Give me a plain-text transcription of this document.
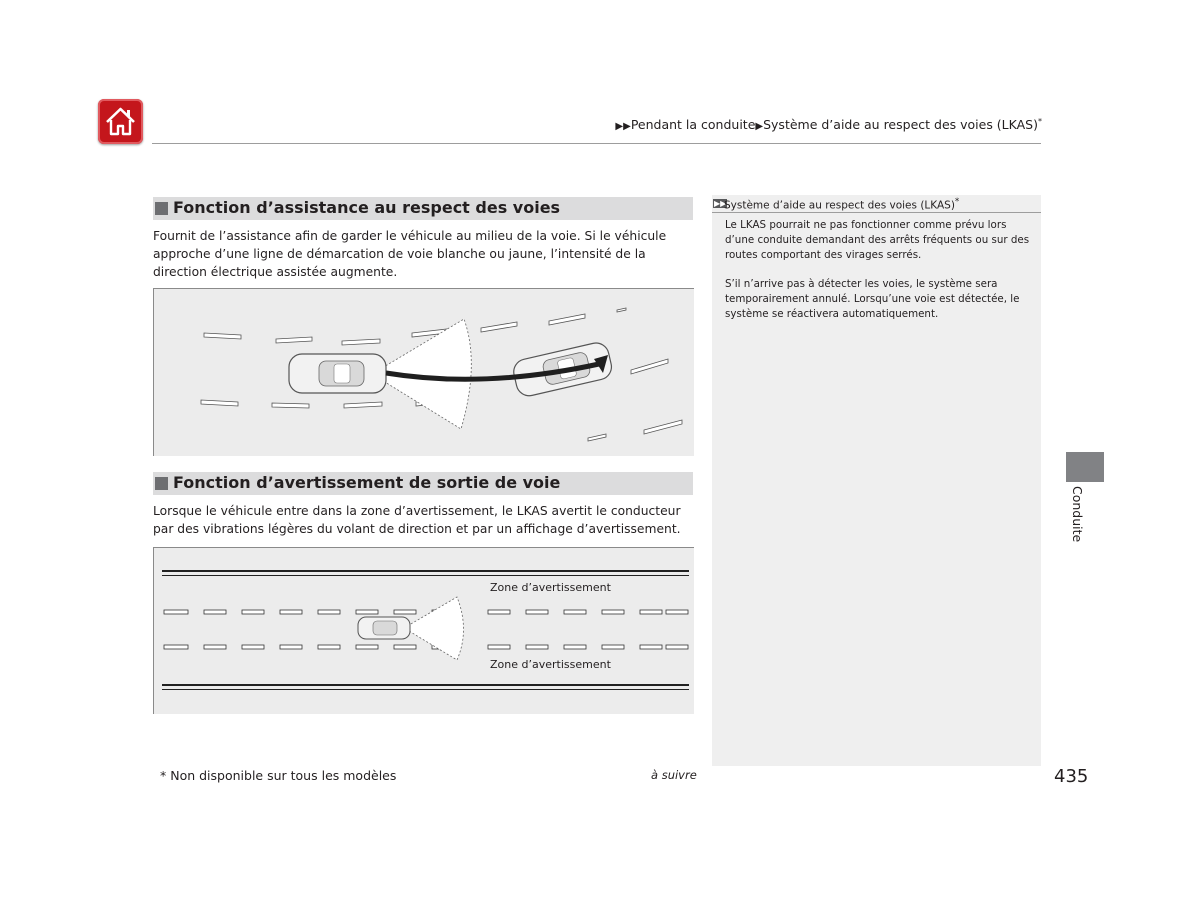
▶▶Pendant la conduite▶Système d’aide au respect des voies (LKAS)*
Fonction d’assistance au respect des voies
Fournit de l’assistance afin de garder le véhicule au milieu de la voie. Si le véhicule approche d’une ligne de démarcation de voie blanche ou jaune, l’intensité de la direction électrique assistée augmente.
Fonction d’avertissement de sortie de voie
Lorsque le véhicule entre dans la zone d’avertissement, le LKAS avertit le conducteur par des vibrations légères du volant de direction et par un affichage d’avertissement.
Zone d’avertissement
Zone d’avertissement
▶▶
Système d’aide au respect des voies (LKAS)*
Le LKAS pourrait ne pas fonctionner comme prévu lors d’une conduite demandant des arrêts fréquents ou sur des routes comportant des virages serrés.
S’il n’arrive pas à détecter les voies, le système sera temporairement annulé. Lorsqu’une voie est détectée, le système se réactivera automatiquement.
Conduite
* Non disponible sur tous les modèles	à suivre	435
